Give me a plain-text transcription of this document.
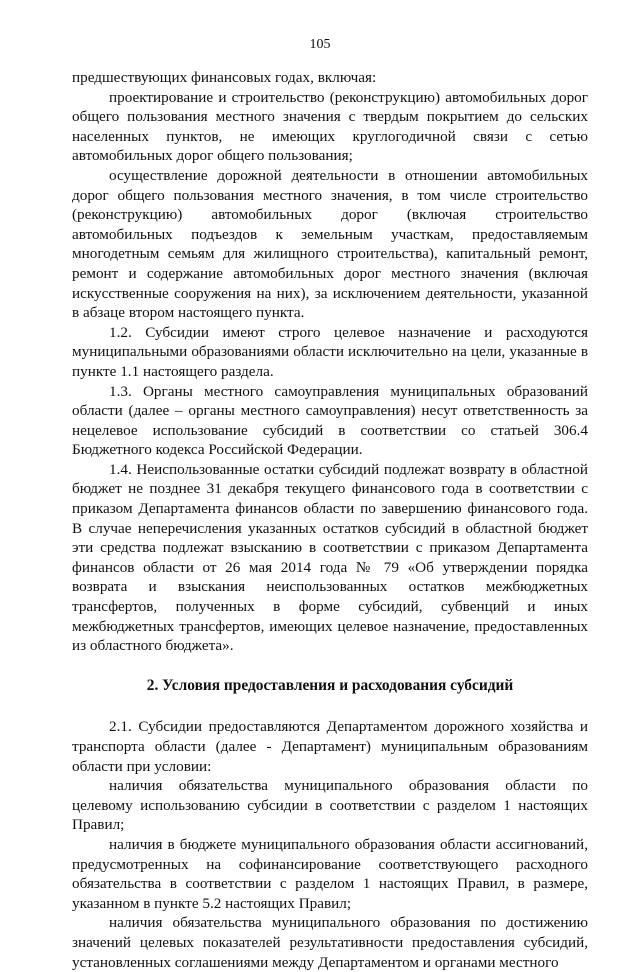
105

предшествующих финансовых годах, включая:

проектирование и строительство (реконструкцию) автомобильных дорог общего пользования местного значения с твердым покрытием до сельских населенных пунктов, не имеющих круглогодичной связи с сетью автомобильных дорог общего пользования;

осуществление дорожной деятельности в отношении автомобильных дорог общего пользования местного значения, в том числе строительство (реконструкцию) автомобильных дорог (включая строительство автомобильных подъездов к земельным участкам, предоставляемым многодетным семьям для жилищного строительства), капитальный ремонт, ремонт и содержание автомобильных дорог местного значения (включая искусственные сооружения на них), за исключением деятельности, указанной в абзаце втором настоящего пункта.

1.2. Субсидии имеют строго целевое назначение и расходуются муниципальными образованиями области исключительно на цели, указанные в пункте 1.1 настоящего раздела.

1.3. Органы местного самоуправления муниципальных образований области (далее – органы местного самоуправления) несут ответственность за нецелевое использование субсидий в соответствии со статьей 306.4 Бюджетного кодекса Российской Федерации.

1.4. Неиспользованные остатки субсидий подлежат возврату в областной бюджет не позднее 31 декабря текущего финансового года в соответствии с приказом Департамента финансов области по завершению финансового года. В случае неперечисления указанных остатков субсидий в областной бюджет эти средства подлежат взысканию в соответствии с приказом Департамента финансов области от 26 мая 2014 года № 79 «Об утверждении порядка возврата и взыскания неиспользованных остатков межбюджетных трансфертов, полученных в форме субсидий, субвенций и иных межбюджетных трансфертов, имеющих целевое назначение, предоставленных из областного бюджета».

2. Условия предоставления и расходования субсидий

2.1. Субсидии предоставляются Департаментом дорожного хозяйства и транспорта области (далее - Департамент) муниципальным образованиям области при условии:

наличия обязательства муниципального образования области по целевому использованию субсидии в соответствии с разделом 1 настоящих Правил;

наличия в бюджете муниципального образования области ассигнований, предусмотренных на софинансирование соответствующего расходного обязательства в соответствии с разделом 1 настоящих Правил, в размере, указанном в пункте 5.2 настоящих Правил;

наличия обязательства муниципального образования по достижению значений целевых показателей результативности предоставления субсидий, установленных соглашениями между Департаментом и органами местного
